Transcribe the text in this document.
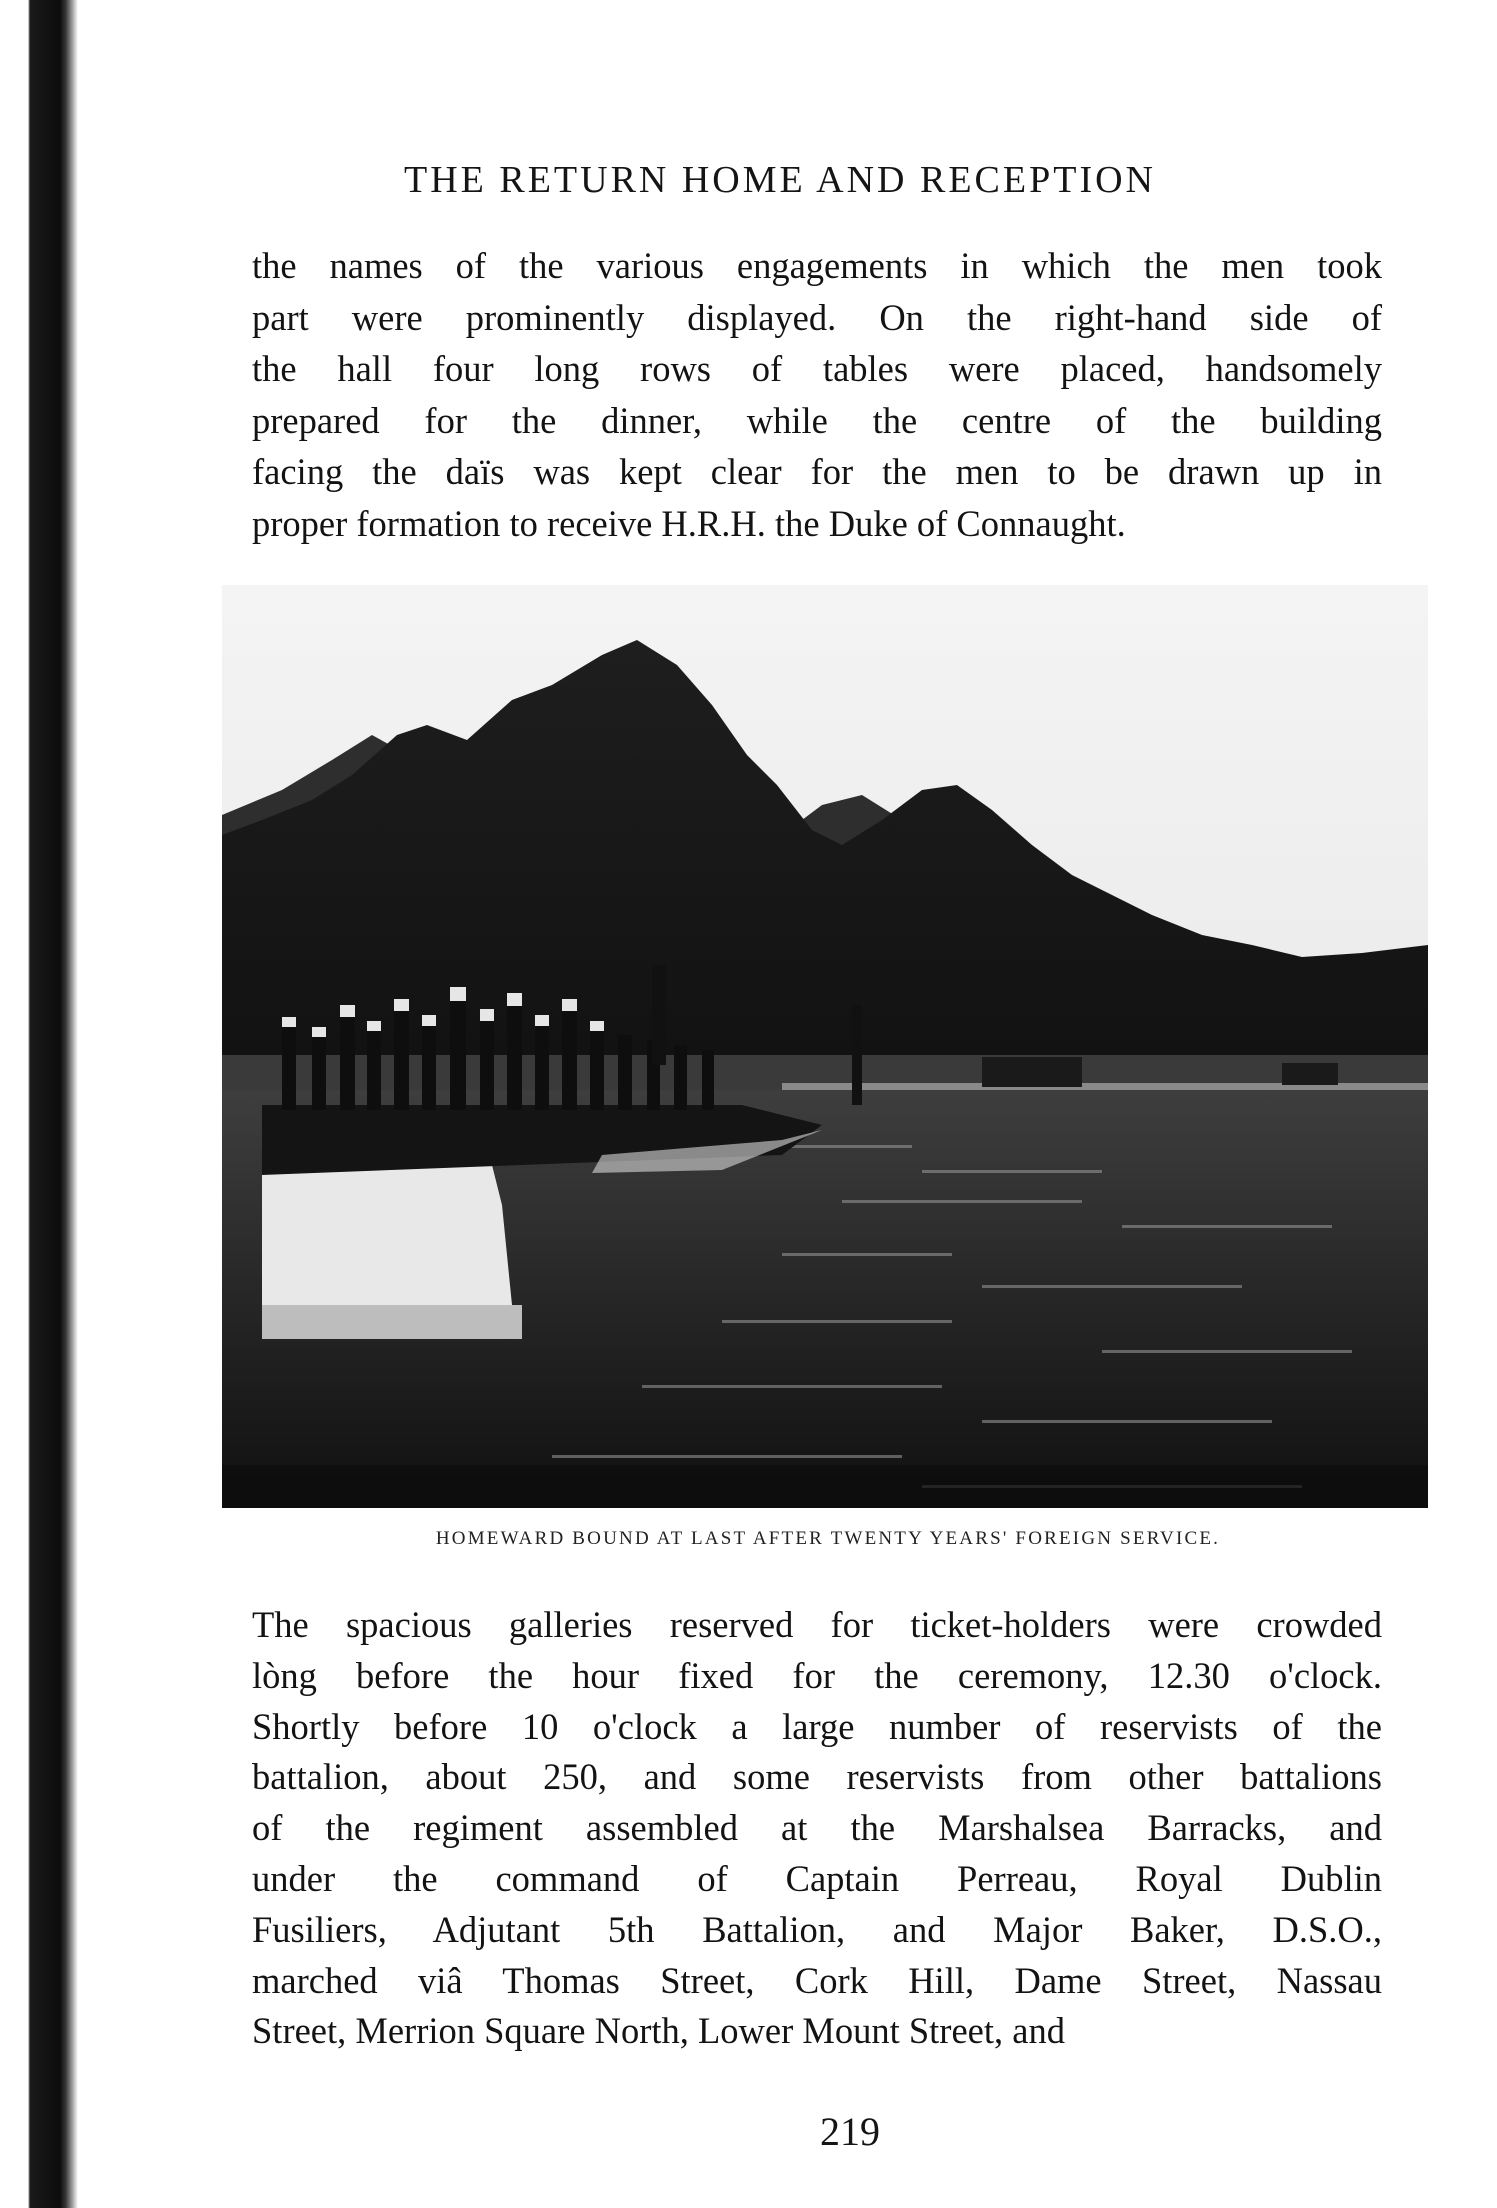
THE RETURN HOME AND RECEPTION
the names of the various engagements in which the men took
part were prominently displayed. On the right-hand side of
the hall four long rows of tables were placed, handsomely
prepared for the dinner, while the centre of the building
facing the daïs was kept clear for the men to be drawn up in
proper formation to receive H.R.H. the Duke of Connaught.
HOMEWARD BOUND AT LAST AFTER TWENTY YEARS' FOREIGN SERVICE.
The spacious galleries reserved for ticket-holders were crowded
lòng before the hour fixed for the ceremony, 12.30 o'clock.
Shortly before 10 o'clock a large number of reservists of the
battalion, about 250, and some reservists from other battalions
of the regiment assembled at the Marshalsea Barracks, and
under the command of Captain Perreau, Royal Dublin
Fusiliers, Adjutant 5th Battalion, and Major Baker, D.S.O.,
marched viâ Thomas Street, Cork Hill, Dame Street, Nassau
Street, Merrion Square North, Lower Mount Street, and
219
